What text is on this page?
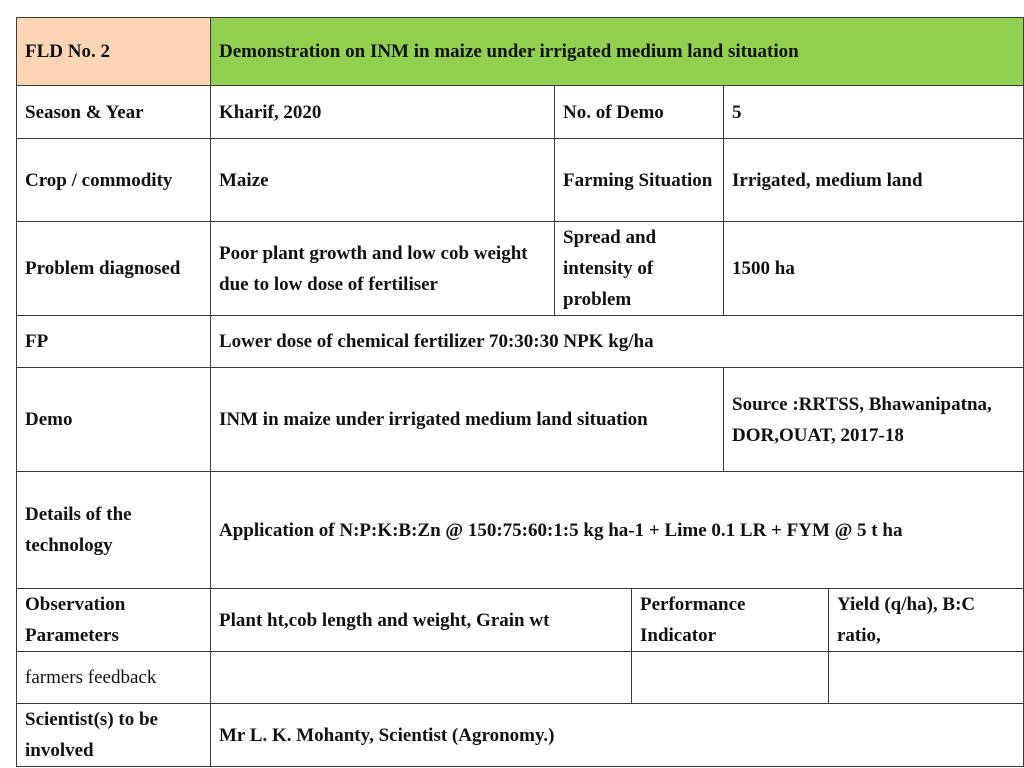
FLD No. 2	Demonstration on INM in maize under irrigated medium land situation				

Season & Year	Kharif, 2020	No. of Demo		5	

Crop / commodity	Maize	Farming Situation		Irrigated, medium land	

Problem diagnosed	Poor plant growth and low cob weight due to low dose of fertiliser	Spread and intensity of problem		1500 ha	

FP	Lower dose of chemical fertilizer 70:30:30 NPK kg/ha				

Demo	INM in maize under irrigated medium land situation			Source :RRTSS, Bhawanipatna, DOR,OUAT, 2017-18	

Details of the technology	Application of N:P:K:B:Zn @ 150:75:60:1:5 kg ha-1 + Lime 0.1 LR + FYM @ 5 t ha				

Observation Parameters	Plant ht,cob length and weight, Grain wt		Performance Indicator		Yield (q/ha), B:C ratio,

farmers feedback					

Scientist(s) to be involved	Mr L. K. Mohanty, Scientist (Agronomy.)				
